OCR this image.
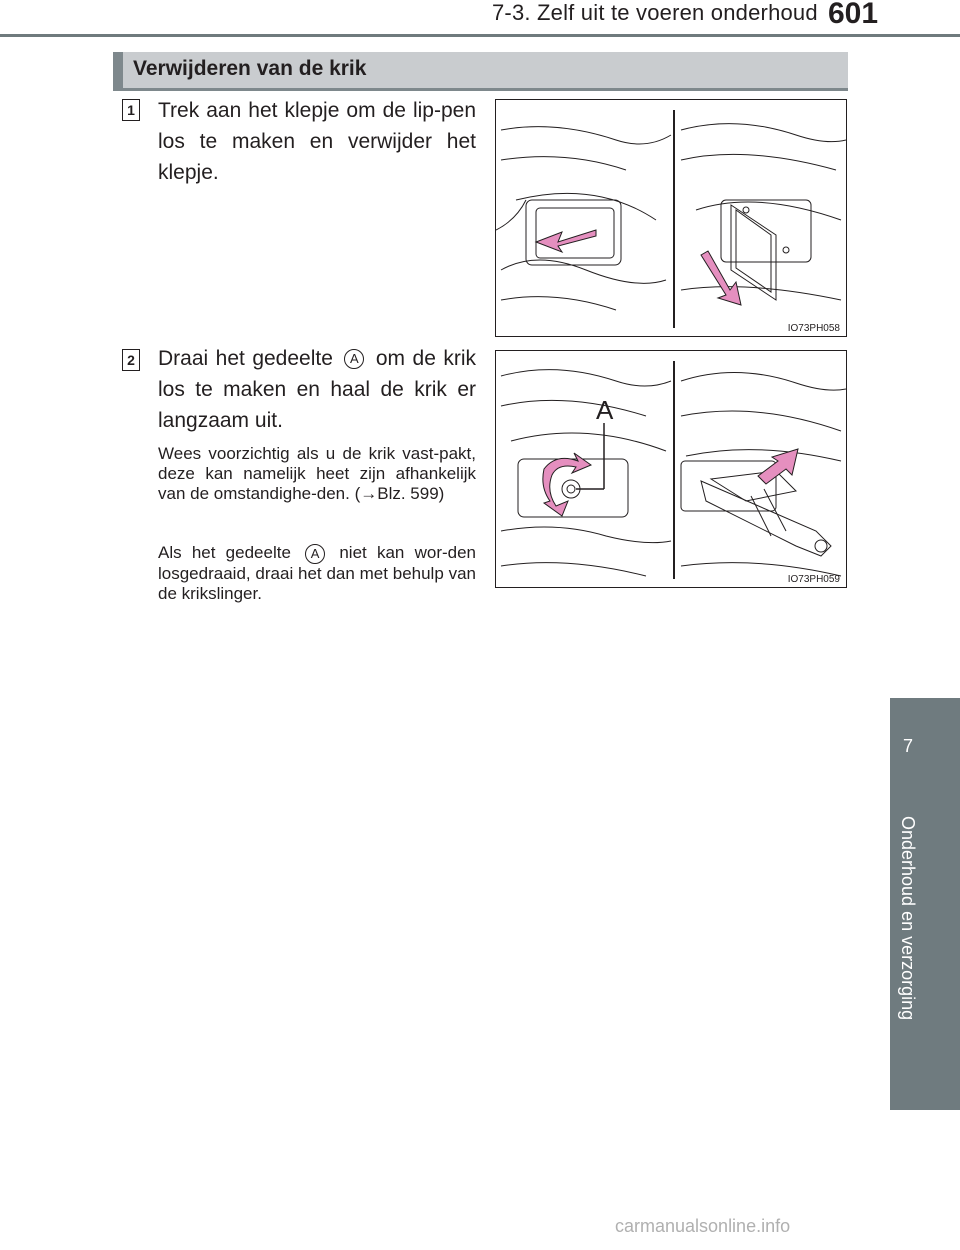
7-3. Zelf uit te voeren onderhoud 601
7
Onderhoud en verzorging
Verwijderen van de krik
1 Trek aan het klepje om de lip-pen los te maken en verwijder het klepje.
IO73PH058
2 Draai het gedeelte A om de krik los te maken en haal de krik er langzaam uit.
Wees voorzichtig als u de krik vast-pakt, deze kan namelijk heet zijn afhankelijk van de omstandighe-den. (→Blz. 599)
Als het gedeelte A niet kan wor-den losgedraaid, draai het dan met behulp van de krikslinger.
A
IO73PH059
carmanualsonline.info
